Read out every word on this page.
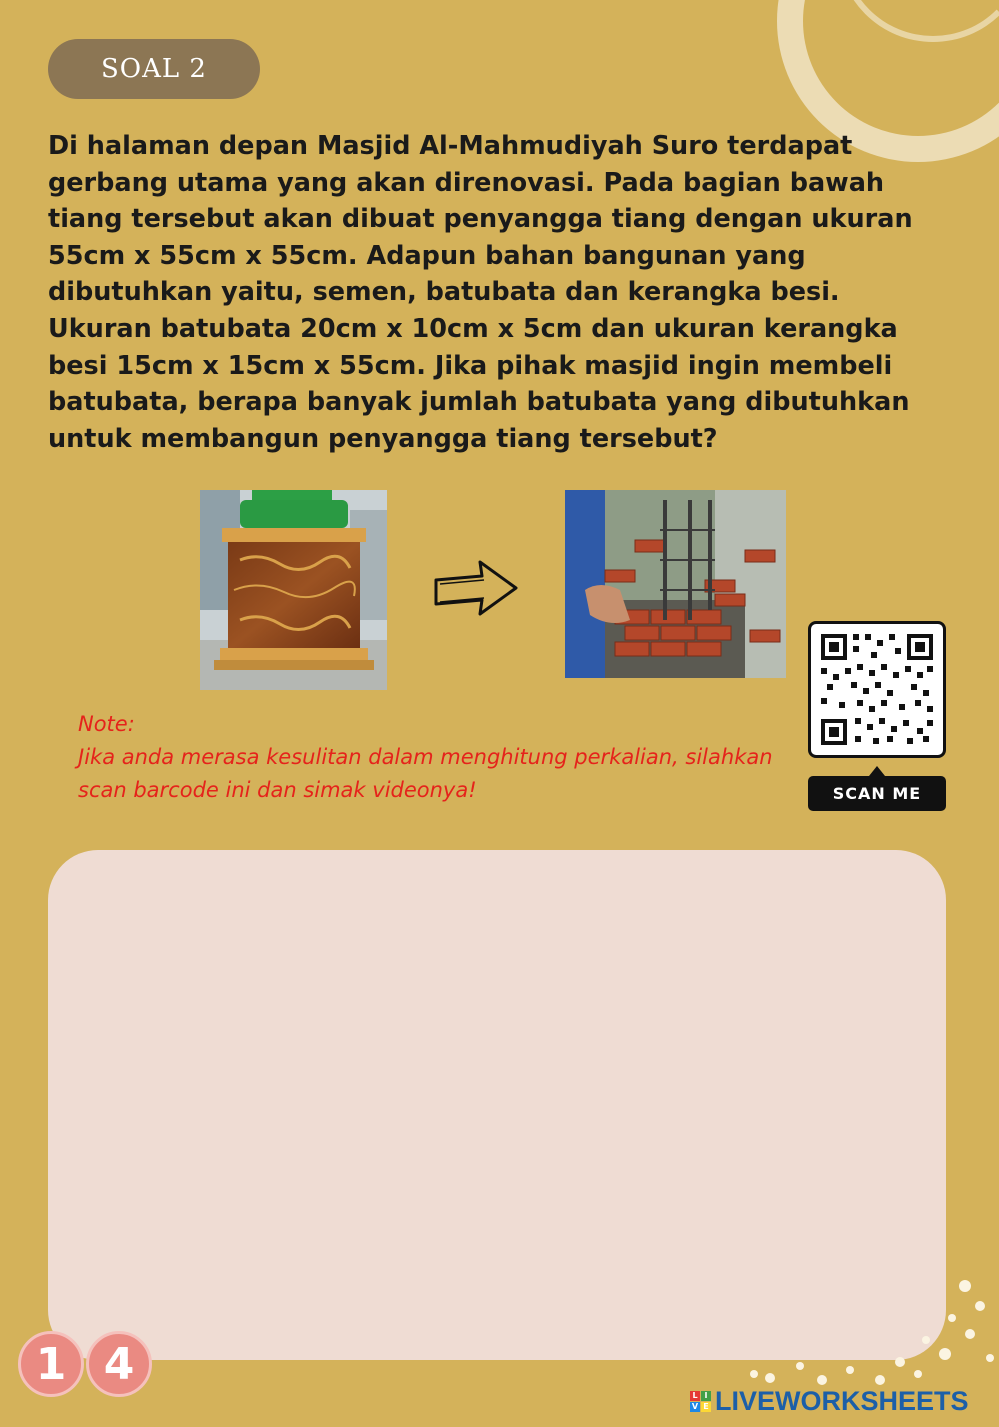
SOAL 2

Di halaman depan Masjid Al-Mahmudiyah Suro terdapat
gerbang utama yang akan direnovasi. Pada bagian bawah
tiang tersebut akan dibuat penyangga tiang dengan ukuran
55cm x 55cm x 55cm. Adapun bahan bangunan yang
dibutuhkan yaitu, semen, batubata dan kerangka besi.
Ukuran batubata 20cm x 10cm x 5cm dan ukuran kerangka
besi 15cm x 15cm x 55cm. Jika pihak masjid ingin membeli
batubata, berapa banyak jumlah batubata yang dibutuhkan
untuk membangun penyangga tiang tersebut?

Note:
Jika anda merasa kesulitan dalam menghitung perkalian, silahkan
scan barcode ini dan simak videonya!	SCAN ME
1 4
L I
V E LIVEWORKSHEETS
